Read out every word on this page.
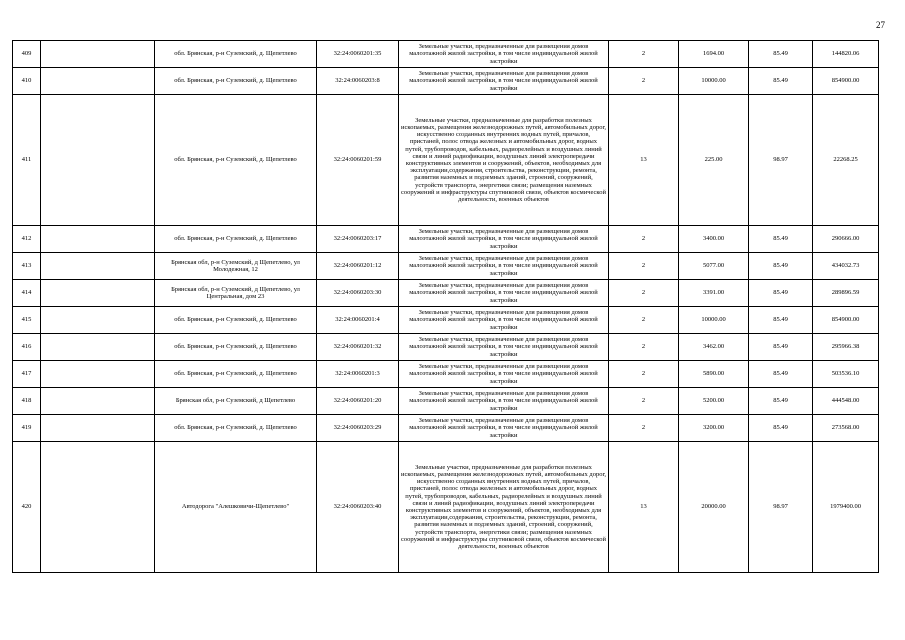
27
409		обл. Брянская, р-н Суземский, д. Щепетлево	32:24:0060201:35	Земельные участки, предназначенные для размещения домов малоэтажной жилой застройки, в том числе индивидуальной жилой застройки	2	1694.00	85.49	144820.06
410		обл. Брянская, р-н Суземский, д. Щепетлево	32:24:0060203:8	Земельные участки, предназначенные для размещения домов малоэтажной жилой застройки, в том числе индивидуальной жилой застройки	2	10000.00	85.49	854900.00
411		обл. Брянская, р-н Суземский, д. Щепетлево	32:24:0060201:59	Земельные участки, предназначенные для разработки полезных ископаемых, размещения железнодорожных путей, автомобильных дорог, искусственно созданных внутренних водных путей, причалов, пристаней, полос отвода железных и автомобильных дорог, водных путей, трубопроводов, кабельных, радиорелейных и воздушных линий связи и линий радиофикации, воздушных линий электропередачи конструктивных элементов и сооружений, объектов, необходимых для эксплуатации,содержания, строительства, реконструкции, ремонта, развития наземных и подземных зданий, строений, сооружений, устройств транспорта, энергетики связи; размещения наземных сооружений и инфраструктуры спутниковой связи, объектов космической деятельности, военных объектов	13	225.00	98.97	22268.25
412		обл. Брянская, р-н Суземский, д. Щепетлево	32:24:0060203:17	Земельные участки, предназначенные для размещения домов малоэтажной жилой застройки, в том числе индивидуальной жилой застройки	2	3400.00	85.49	290666.00
413		Брянская обл, р-н Суземский, д Щепетлево, ул Молодежная, 12	32:24:0060201:12	Земельные участки, предназначенные для размещения домов малоэтажной жилой застройки, в том числе индивидуальной жилой застройки	2	5077.00	85.49	434032.73
414		Брянская обл, р-н Суземский, д Щепетлево, ул Центральная, дом 23	32:24:0060203:30	Земельные участки, предназначенные для размещения домов малоэтажной жилой застройки, в том числе индивидуальной жилой застройки	2	3391.00	85.49	289896.59
415		обл. Брянская, р-н Суземский, д. Щепетлево	32:24:0060201:4	Земельные участки, предназначенные для размещения домов малоэтажной жилой застройки, в том числе индивидуальной жилой застройки	2	10000.00	85.49	854900.00
416		обл. Брянская, р-н Суземский, д. Щепетлево	32:24:0060201:32	Земельные участки, предназначенные для размещения домов малоэтажной жилой застройки, в том числе индивидуальной жилой застройки	2	3462.00	85.49	295966.38
417		обл. Брянская, р-н Суземский, д. Щепетлево	32:24:0060201:3	Земельные участки, предназначенные для размещения домов малоэтажной жилой застройки, в том числе индивидуальной жилой застройки	2	5890.00	85.49	503536.10
418		Брянская обл, р-н Суземский, д Щепетлево	32:24:0060201:20	Земельные участки, предназначенные для размещения домов малоэтажной жилой застройки, в том числе индивидуальной жилой застройки	2	5200.00	85.49	444548.00
419		обл. Брянская, р-н Суземский, д. Щепетлево	32:24:0060203:29	Земельные участки, предназначенные для размещения домов малоэтажной жилой застройки, в том числе индивидуальной жилой застройки	2	3200.00	85.49	273568.00
420		Автодорога "Алешковичи-Щепетлево"	32:24:0060203:40	Земельные участки, предназначенные для разработки полезных ископаемых, размещения железнодорожных путей, автомобильных дорог, искусственно созданных внутренних водных путей, причалов, пристаней, полос отвода железных и автомобильных дорог, водных путей, трубопроводов, кабельных, радиорелейных и воздушных линий связи и линий радиофикации, воздушных линий электропередачи конструктивных элементов и сооружений, объектов, необходимых для эксплуатации,содержания, строительства, реконструкции, ремонта, развития наземных и подземных зданий, строений, сооружений, устройств транспорта, энергетики связи; размещения наземных сооружений и инфраструктуры спутниковой связи, объектов космической деятельности, военных объектов	13	20000.00	98.97	1979400.00
